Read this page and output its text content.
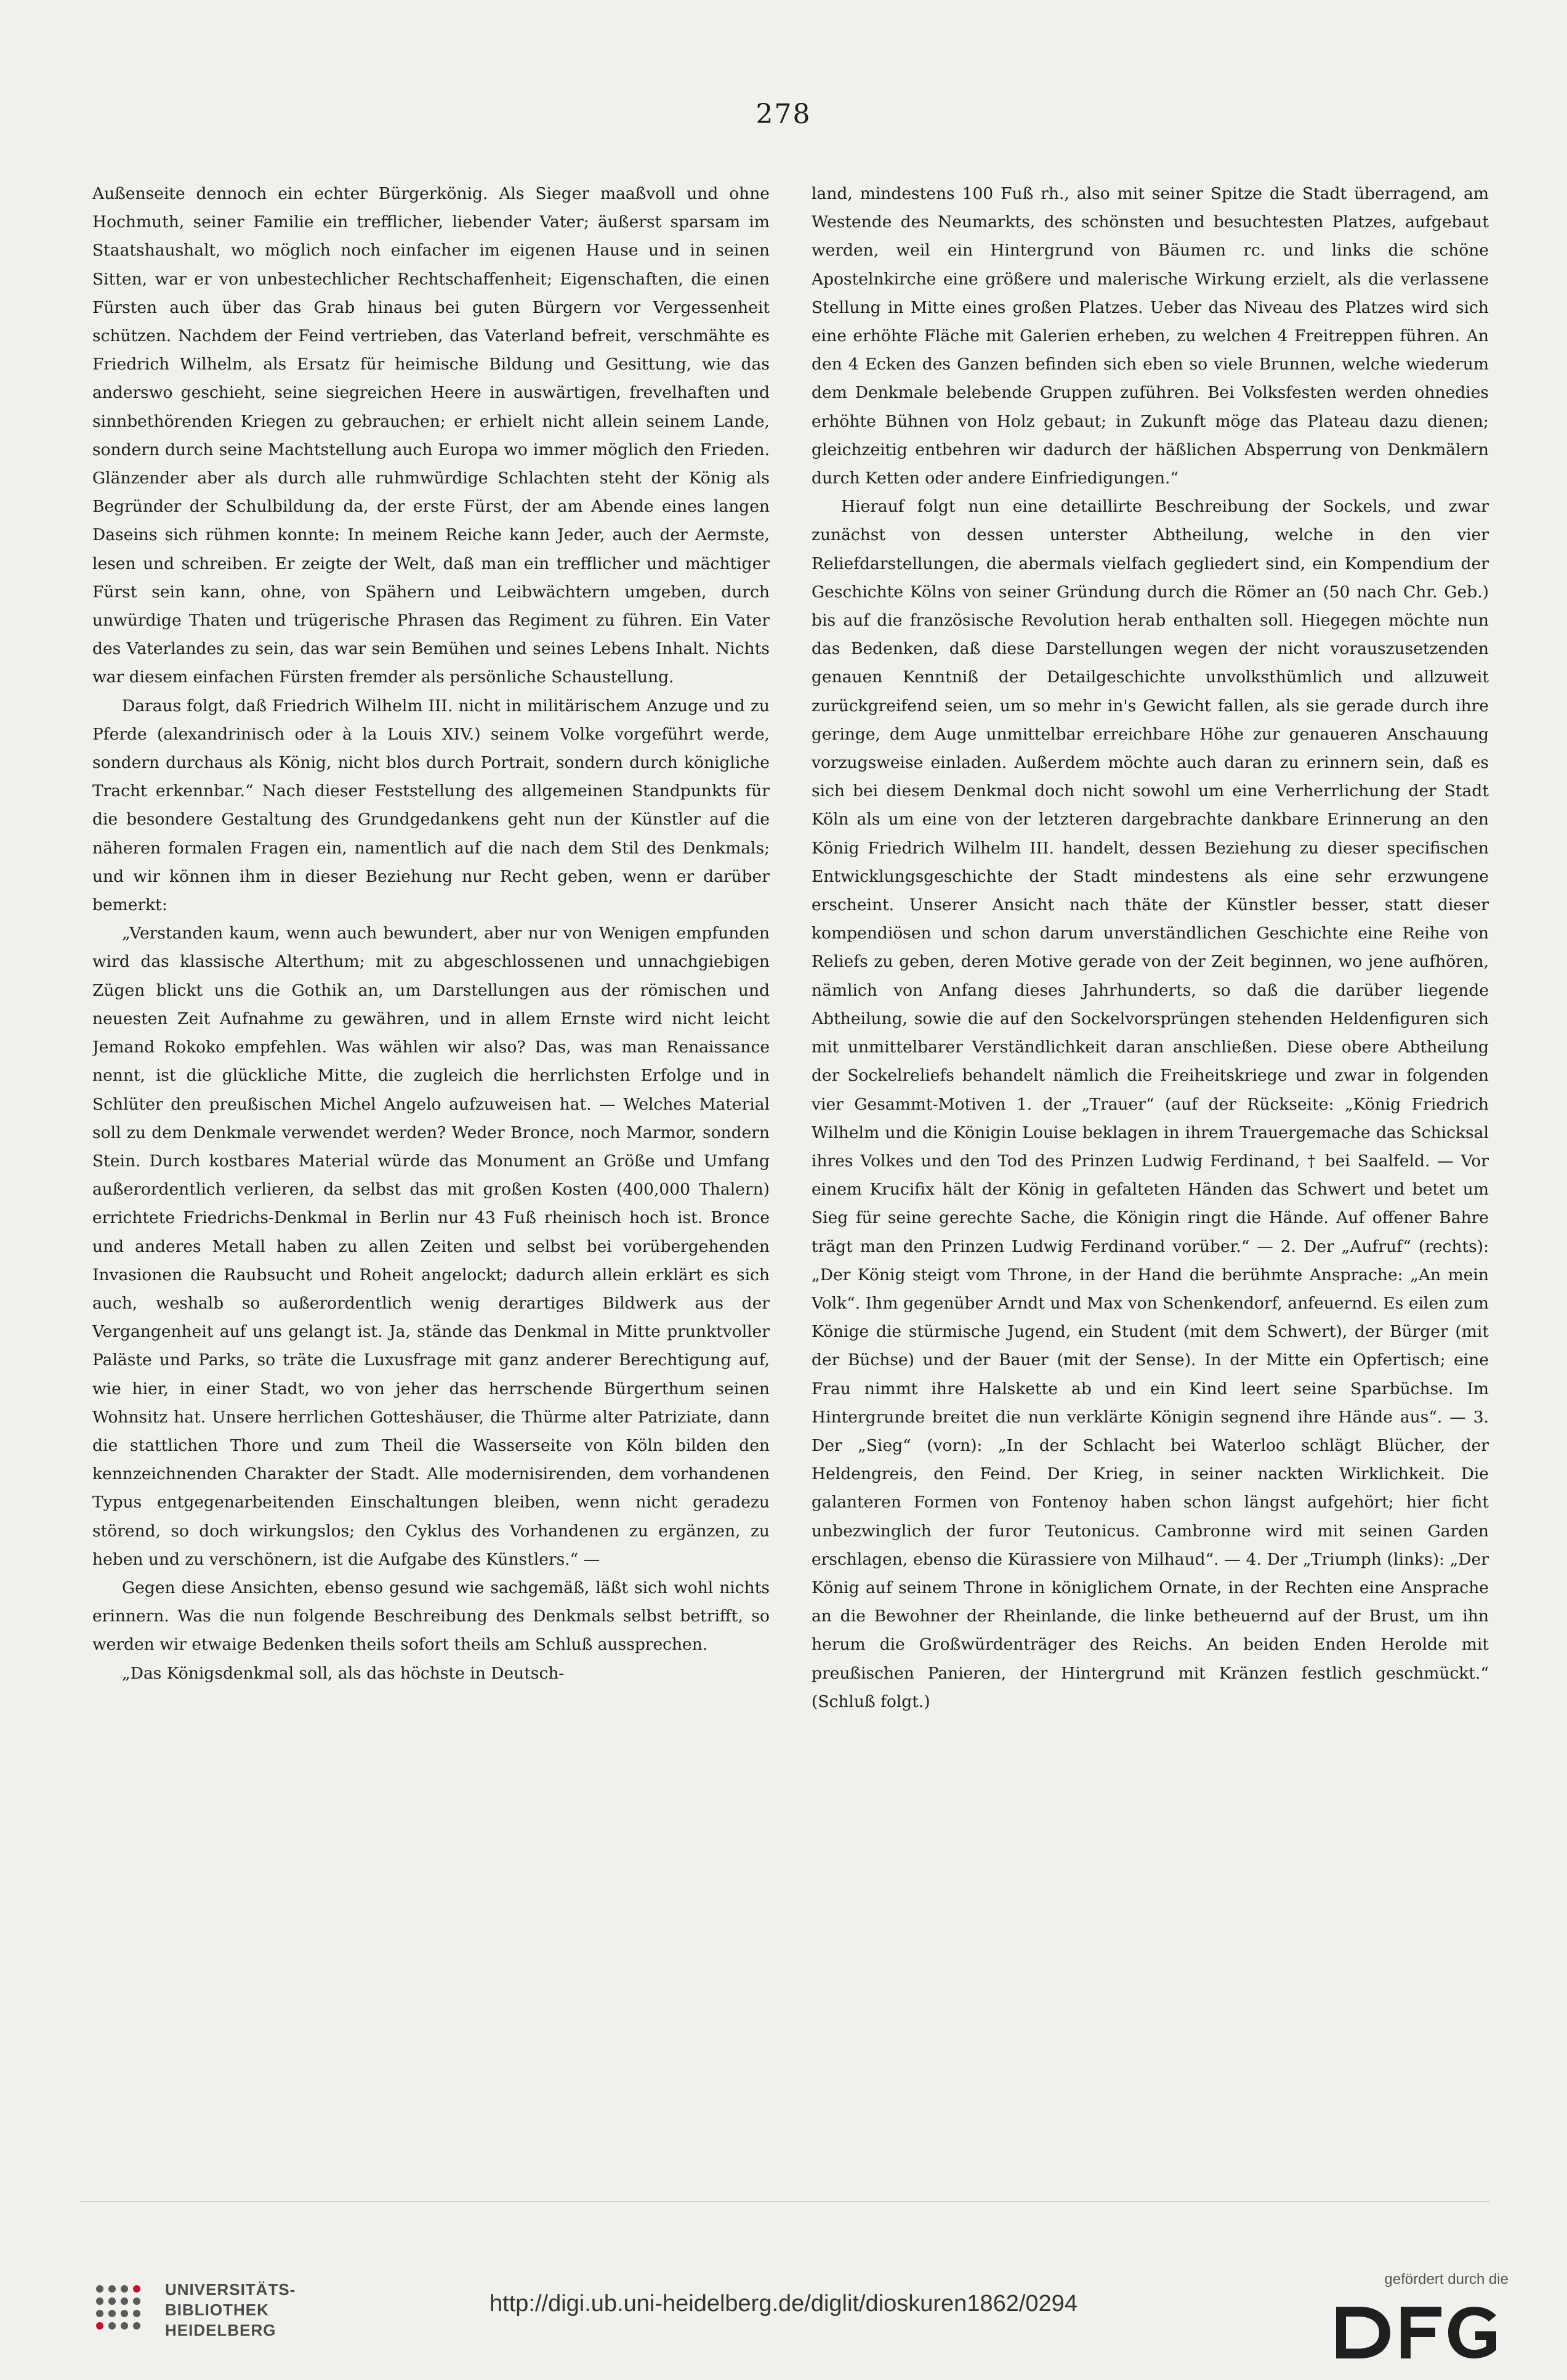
278

Außenseite dennoch ein echter Bürgerkönig. Als Sieger maaßvoll und ohne Hochmuth, seiner Familie ein trefflicher, liebender Vater; äußerst sparsam im Staatshaushalt, wo möglich noch einfacher im eigenen Hause und in seinen Sitten, war er von unbestechlicher Rechtschaffenheit; Eigenschaften, die einen Fürsten auch über das Grab hinaus bei guten Bürgern vor Vergessenheit schützen. Nachdem der Feind vertrieben, das Vaterland befreit, verschmähte es Friedrich Wilhelm, als Ersatz für heimische Bildung und Gesittung, wie das anderswo geschieht, seine siegreichen Heere in auswärtigen, frevelhaften und sinnbethörenden Kriegen zu gebrauchen; er erhielt nicht allein seinem Lande, sondern durch seine Machtstellung auch Europa wo immer möglich den Frieden. Glänzender aber als durch alle ruhmwürdige Schlachten steht der König als Begründer der Schulbildung da, der erste Fürst, der am Abende eines langen Daseins sich rühmen konnte: In meinem Reiche kann Jeder, auch der Aermste, lesen und schreiben. Er zeigte der Welt, daß man ein trefflicher und mächtiger Fürst sein kann, ohne, von Spähern und Leibwächtern umgeben, durch unwürdige Thaten und trügerische Phrasen das Regiment zu führen. Ein Vater des Vaterlandes zu sein, das war sein Bemühen und seines Lebens Inhalt. Nichts war diesem einfachen Fürsten fremder als persönliche Schaustellung.

Daraus folgt, daß Friedrich Wilhelm III. nicht in militärischem Anzuge und zu Pferde (alexandrinisch oder à la Louis XIV.) seinem Volke vorgeführt werde, sondern durchaus als König, nicht blos durch Portrait, sondern durch königliche Tracht erkennbar.“ Nach dieser Feststellung des allgemeinen Standpunkts für die besondere Gestaltung des Grundgedankens geht nun der Künstler auf die näheren formalen Fragen ein, namentlich auf die nach dem Stil des Denkmals; und wir können ihm in dieser Beziehung nur Recht geben, wenn er darüber bemerkt:

„Verstanden kaum, wenn auch bewundert, aber nur von Wenigen empfunden wird das klassische Alterthum; mit zu abgeschlossenen und unnachgiebigen Zügen blickt uns die Gothik an, um Darstellungen aus der römischen und neuesten Zeit Aufnahme zu gewähren, und in allem Ernste wird nicht leicht Jemand Rokoko empfehlen. Was wählen wir also? Das, was man Renaissance nennt, ist die glückliche Mitte, die zugleich die herrlichsten Erfolge und in Schlüter den preußischen Michel Angelo aufzuweisen hat. — Welches Material soll zu dem Denkmale verwendet werden? Weder Bronce, noch Marmor, sondern Stein. Durch kostbares Material würde das Monument an Größe und Umfang außerordentlich verlieren, da selbst das mit großen Kosten (400,000 Thalern) errichtete Friedrichs-Denkmal in Berlin nur 43 Fuß rheinisch hoch ist. Bronce und anderes Metall haben zu allen Zeiten und selbst bei vorübergehenden Invasionen die Raubsucht und Roheit angelockt; dadurch allein erklärt es sich auch, weshalb so außerordentlich wenig derartiges Bildwerk aus der Vergangenheit auf uns gelangt ist. Ja, stände das Denkmal in Mitte prunktvoller Paläste und Parks, so träte die Luxusfrage mit ganz anderer Berechtigung auf, wie hier, in einer Stadt, wo von jeher das herrschende Bürgerthum seinen Wohnsitz hat. Unsere herrlichen Gotteshäuser, die Thürme alter Patriziate, dann die stattlichen Thore und zum Theil die Wasserseite von Köln bilden den kennzeichnenden Charakter der Stadt. Alle modernisirenden, dem vorhandenen Typus entgegenarbeitenden Einschaltungen bleiben, wenn nicht geradezu störend, so doch wirkungslos; den Cyklus des Vorhandenen zu ergänzen, zu heben und zu verschönern, ist die Aufgabe des Künstlers.“ —

Gegen diese Ansichten, ebenso gesund wie sachgemäß, läßt sich wohl nichts erinnern. Was die nun folgende Beschreibung des Denkmals selbst betrifft, so werden wir etwaige Bedenken theils sofort theils am Schluß aussprechen.

„Das Königsdenkmal soll, als das höchste in Deutsch-

land, mindestens 100 Fuß rh., also mit seiner Spitze die Stadt überragend, am Westende des Neumarkts, des schönsten und besuchtesten Platzes, aufgebaut werden, weil ein Hintergrund von Bäumen rc. und links die schöne Apostelnkirche eine größere und malerische Wirkung erzielt, als die verlassene Stellung in Mitte eines großen Platzes. Ueber das Niveau des Platzes wird sich eine erhöhte Fläche mit Galerien erheben, zu welchen 4 Freitreppen führen. An den 4 Ecken des Ganzen befinden sich eben so viele Brunnen, welche wiederum dem Denkmale belebende Gruppen zuführen. Bei Volksfesten werden ohnedies erhöhte Bühnen von Holz gebaut; in Zukunft möge das Plateau dazu dienen; gleichzeitig entbehren wir dadurch der häßlichen Absperrung von Denkmälern durch Ketten oder andere Einfriedigungen.“

Hierauf folgt nun eine detaillirte Beschreibung der Sockels, und zwar zunächst von dessen unterster Abtheilung, welche in den vier Reliefdarstellungen, die abermals vielfach gegliedert sind, ein Kompendium der Geschichte Kölns von seiner Gründung durch die Römer an (50 nach Chr. Geb.) bis auf die französische Revolution herab enthalten soll. Hiegegen möchte nun das Bedenken, daß diese Darstellungen wegen der nicht vorauszusetzenden genauen Kenntniß der Detailgeschichte unvolksthümlich und allzuweit zurückgreifend seien, um so mehr in's Gewicht fallen, als sie gerade durch ihre geringe, dem Auge unmittelbar erreichbare Höhe zur genaueren Anschauung vorzugsweise einladen. Außerdem möchte auch daran zu erinnern sein, daß es sich bei diesem Denkmal doch nicht sowohl um eine Verherrlichung der Stadt Köln als um eine von der letzteren dargebrachte dankbare Erinnerung an den König Friedrich Wilhelm III. handelt, dessen Beziehung zu dieser specifischen Entwicklungsgeschichte der Stadt mindestens als eine sehr erzwungene erscheint. Unserer Ansicht nach thäte der Künstler besser, statt dieser kompendiösen und schon darum unverständlichen Geschichte eine Reihe von Reliefs zu geben, deren Motive gerade von der Zeit beginnen, wo jene aufhören, nämlich von Anfang dieses Jahrhunderts, so daß die darüber liegende Abtheilung, sowie die auf den Sockelvorsprüngen stehenden Heldenfiguren sich mit unmittelbarer Verständlichkeit daran anschließen. Diese obere Abtheilung der Sockelreliefs behandelt nämlich die Freiheitskriege und zwar in folgenden vier Gesammt-Motiven 1. der „Trauer“ (auf der Rückseite: „König Friedrich Wilhelm und die Königin Louise beklagen in ihrem Trauergemache das Schicksal ihres Volkes und den Tod des Prinzen Ludwig Ferdinand, † bei Saalfeld. — Vor einem Krucifix hält der König in gefalteten Händen das Schwert und betet um Sieg für seine gerechte Sache, die Königin ringt die Hände. Auf offener Bahre trägt man den Prinzen Ludwig Ferdinand vorüber.“ — 2. Der „Aufruf“ (rechts): „Der König steigt vom Throne, in der Hand die berühmte Ansprache: „An mein Volk“. Ihm gegenüber Arndt und Max von Schenkendorf, anfeuernd. Es eilen zum Könige die stürmische Jugend, ein Student (mit dem Schwert), der Bürger (mit der Büchse) und der Bauer (mit der Sense). In der Mitte ein Opfertisch; eine Frau nimmt ihre Halskette ab und ein Kind leert seine Sparbüchse. Im Hintergrunde breitet die nun verklärte Königin segnend ihre Hände aus“. — 3. Der „Sieg“ (vorn): „In der Schlacht bei Waterloo schlägt Blücher, der Heldengreis, den Feind. Der Krieg, in seiner nackten Wirklichkeit. Die galanteren Formen von Fontenoy haben schon längst aufgehört; hier ficht unbezwinglich der furor Teutonicus. Cambronne wird mit seinen Garden erschlagen, ebenso die Kürassiere von Milhaud“. — 4. Der „Triumph (links): „Der König auf seinem Throne in königlichem Ornate, in der Rechten eine Ansprache an die Bewohner der Rheinlande, die linke betheuernd auf der Brust, um ihn herum die Großwürdenträger des Reichs. An beiden Enden Herolde mit preußischen Panieren, der Hintergrund mit Kränzen festlich geschmückt.“ (Schluß folgt.)

UNIVERSITÄTS-
BIBLIOTHEK
HEIDELBERG
http://digi.ub.uni-heidelberg.de/diglit/dioskuren1862/0294
gefördert durch die
